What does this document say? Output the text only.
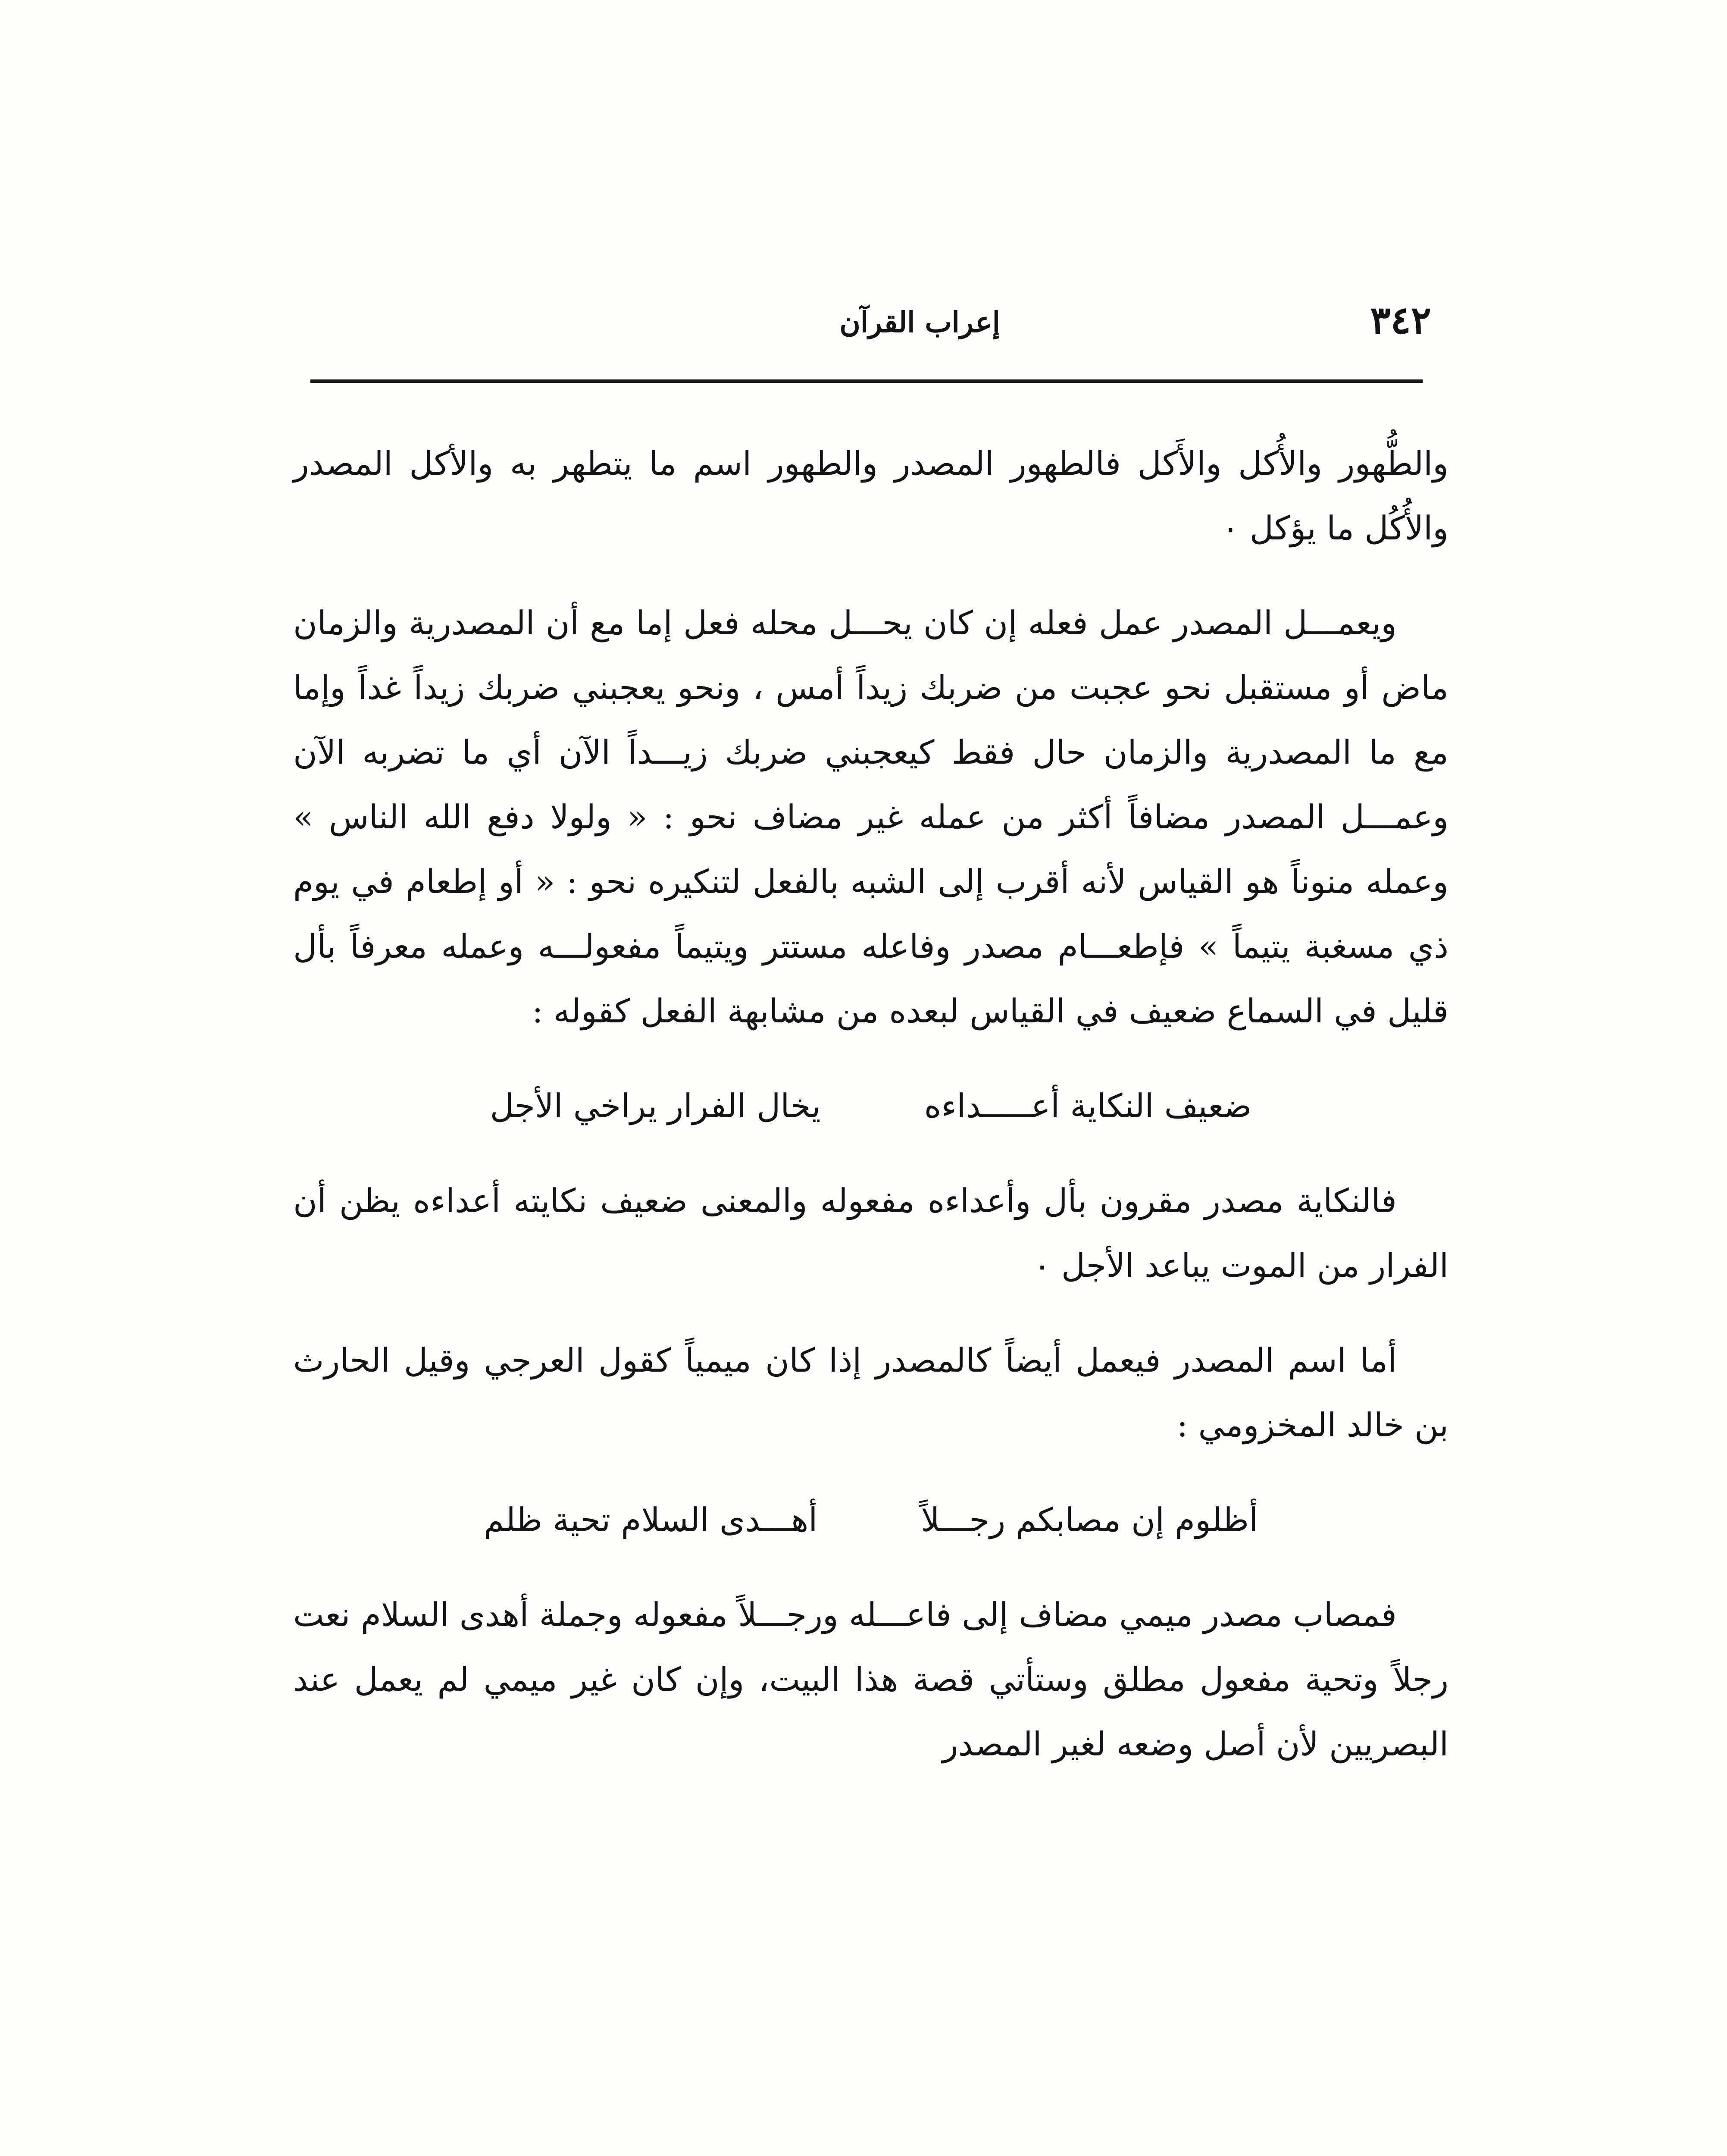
٣٤٢
إعراب القرآن

والطُّهور والأُكل والأَكل فالطهور المصدر والطهور اسم ما يتطهر به والأكل المصدر والأُكُل ما يؤكل ٠

ويعمـــل المصدر عمل فعله إن كان يحـــل محله فعل إما مع أن المصدرية والزمان ماض أو مستقبل نحو عجبت من ضربك زيداً أمس ، ونحو يعجبني ضربك زيداً غداً وإما مع ما المصدرية والزمان حال فقط كيعجبني ضربك زيـــداً الآن أي ما تضربه الآن وعمـــل المصدر مضافاً أكثر من عمله غير مضاف نحو : « ولولا دفع الله الناس » وعمله منوناً هو القياس لأنه أقرب إلى الشبه بالفعل لتنكيره نحو : « أو إطعام في يوم ذي مسغبة يتيماً » فإطعـــام مصدر وفاعله مستتر ويتيماً مفعولـــه وعمله معرفاً بأل قليل في السماع ضعيف في القياس لبعده من مشابهة الفعل كقوله :

ضعيف النكاية أعـــــداءه
يخال الفرار يراخي الأجل

فالنكاية مصدر مقرون بأل وأعداءه مفعوله والمعنى ضعيف نكايته أعداءه يظن أن الفرار من الموت يباعد الأجل ٠

أما اسم المصدر فيعمل أيضاً كالمصدر إذا كان ميمياً كقول العرجي وقيل الحارث بن خالد المخزومي :

أظلوم إن مصابكم رجـــلاً
أهـــدى السلام تحية ظلم

فمصاب مصدر ميمي مضاف إلى فاعـــله ورجـــلاً مفعوله وجملة أهدى السلام نعت رجلاً وتحية مفعول مطلق وستأتي قصة هذا البيت، وإن كان غير ميمي لم يعمل عند البصريين لأن أصل وضعه لغير المصدر
